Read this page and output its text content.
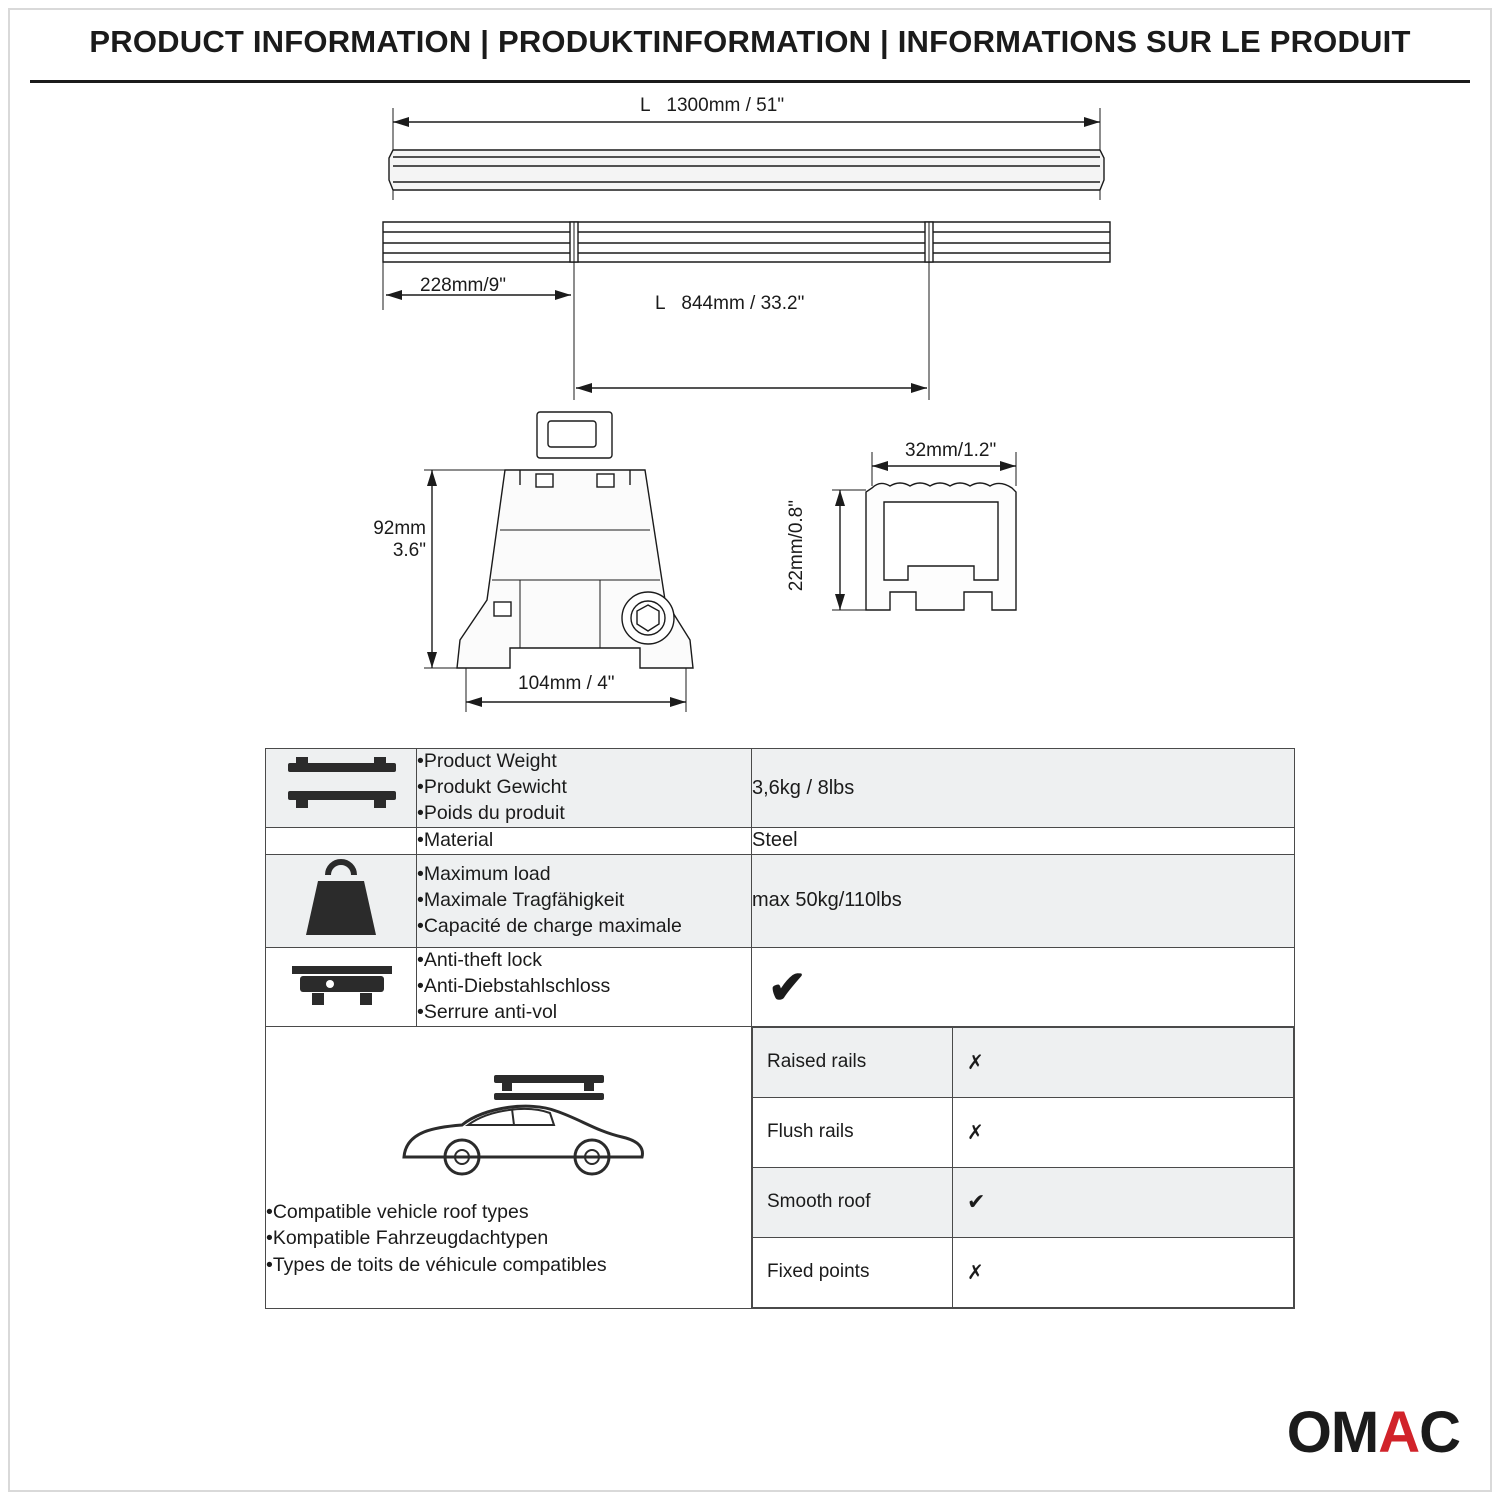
PRODUCT INFORMATION | PRODUKTINFORMATION | INFORMATIONS SUR LE PRODUIT
L 1300mm / 51"
228mm/9"
L 844mm / 33.2"
92mm
3.6"
104mm / 4"
32mm/1.2"
22mm/0.8"

•Product Weight
•Produkt Gewicht
•Poids du produit
	3,6kg / 8lbs

•Material	Steel

•Maximum load
•Maximale Tragfähigkeit
•Capacité de charge maximale
	max 50kg/110lbs

•Anti-theft lock
•Anti-Diebstahlschloss
•Serrure anti-vol	✔

•Compatible vehicle roof types
•Kompatible Fahrzeugdachtypen
•Types de toits de véhicule compatibles

Raised rails	✗
Flush rails	✗
Smooth roof	✔
Fixed points	✗
O M A C
